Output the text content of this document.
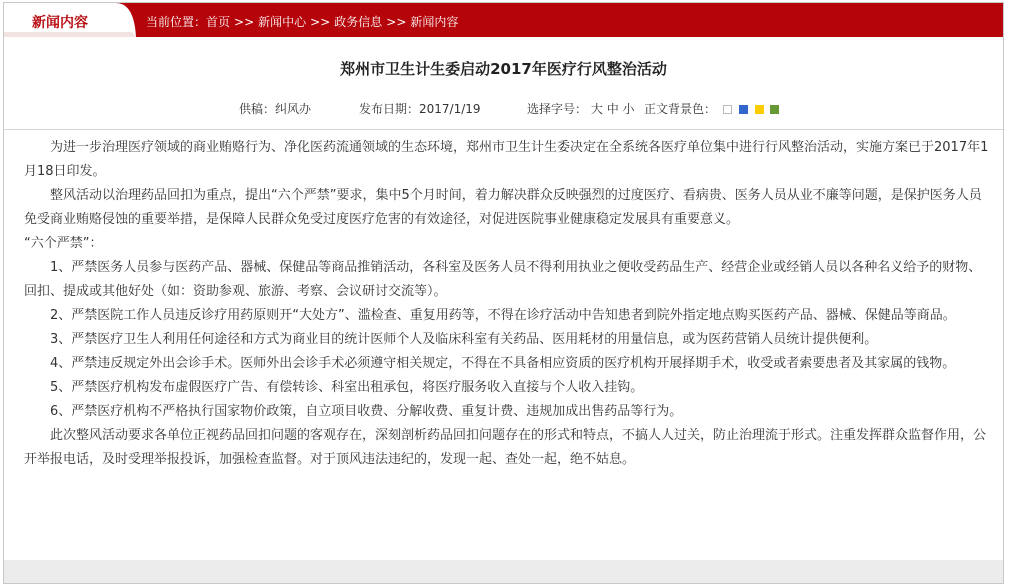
新闻内容	当前位置：首页 >> 新闻中心 >> 政务信息 >> 新闻内容
郑州市卫生计生委启动2017年医疗行风整治活动
供稿：纠风办	发布日期：2017/1/19	选择字号： 大 中 小 正文背景色：

为进一步治理医疗领域的商业贿赂行为、净化医药流通领域的生态环境，郑州市卫生计生委决定在全系统各医疗单位集中进行行风整治活动，实施方案已于2017年1月18日印发。

整风活动以治理药品回扣为重点，提出“六个严禁”要求，集中5个月时间，着力解决群众反映强烈的过度医疗、看病贵、医务人员从业不廉等问题，是保护医务人员免受商业贿赂侵蚀的重要举措，是保障人民群众免受过度医疗危害的有效途径，对促进医院事业健康稳定发展具有重要意义。

“六个严禁”：

1、严禁医务人员参与医药产品、器械、保健品等商品推销活动，各科室及医务人员不得利用执业之便收受药品生产、经营企业或经销人员以各种名义给予的财物、回扣、提成或其他好处（如：资助参观、旅游、考察、会议研讨交流等）。

2、严禁医院工作人员违反诊疗用药原则开“大处方”、滥检查、重复用药等，不得在诊疗活动中告知患者到院外指定地点购买医药产品、器械、保健品等商品。

3、严禁医疗卫生人利用任何途径和方式为商业目的统计医师个人及临床科室有关药品、医用耗材的用量信息，或为医药营销人员统计提供便利。

4、严禁违反规定外出会诊手术。医师外出会诊手术必须遵守相关规定，不得在不具备相应资质的医疗机构开展择期手术，收受或者索要患者及其家属的钱物。

5、严禁医疗机构发布虚假医疗广告、有偿转诊、科室出租承包，将医疗服务收入直接与个人收入挂钩。

6、严禁医疗机构不严格执行国家物价政策，自立项目收费、分解收费、重复计费、违规加成出售药品等行为。

此次整风活动要求各单位正视药品回扣问题的客观存在，深刻剖析药品回扣问题存在的形式和特点，不搞人人过关，防止治理流于形式。注重发挥群众监督作用，公开举报电话，及时受理举报投诉，加强检查监督。对于顶风违法违纪的，发现一起、查处一起，绝不姑息。
